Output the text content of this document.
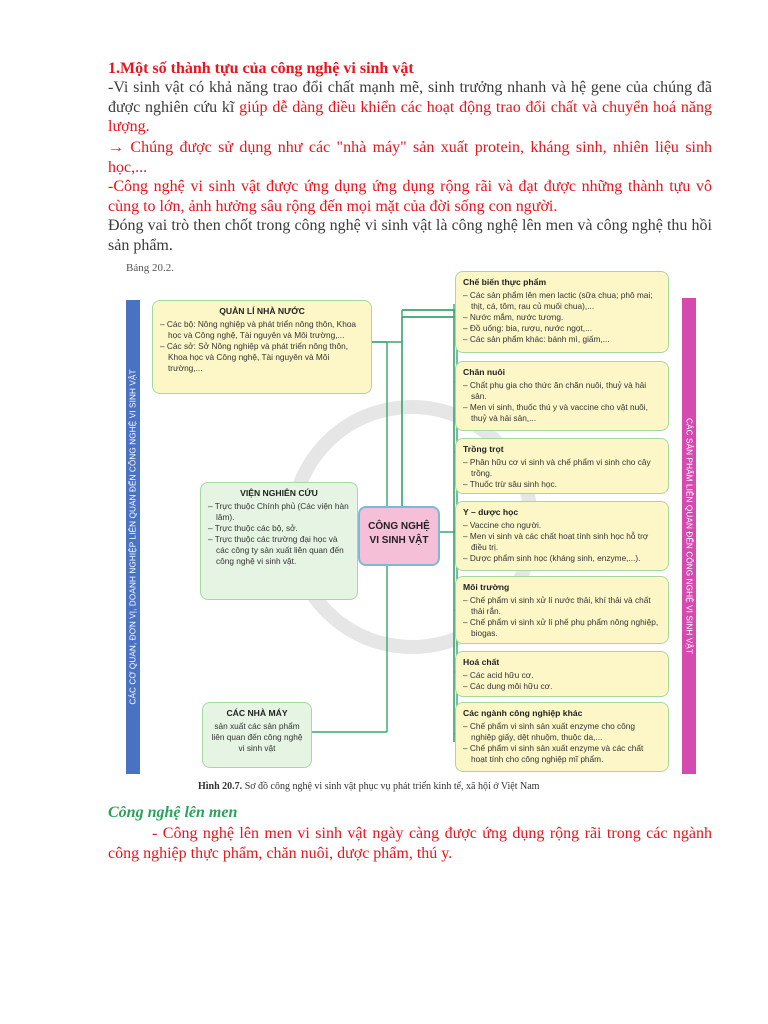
1.Một số thành tựu của công nghệ vi sinh vật
-Vi sinh vật có khả năng trao đổi chất mạnh mẽ, sinh trưởng nhanh và hệ gene của chúng đã được nghiên cứu kĩ giúp dễ dàng điều khiển các hoạt động trao đổi chất và chuyển hoá năng lượng.
→ Chúng được sử dụng như các "nhà máy" sản xuất protein, kháng sinh, nhiên liệu sinh học,...
-Công nghệ vi sinh vật được ứng dụng ứng dụng rộng rãi và đạt được những thành tựu vô cùng to lớn, ảnh hưởng sâu rộng đến mọi mặt của đời sống con người.
Đóng vai trò then chốt trong công nghệ vi sinh vật là công nghệ lên men và công nghệ thu hồi sản phẩm.
Bảng 20.2.
CÁC CƠ QUAN, ĐƠN VỊ, DOANH NGHIỆP LIÊN QUAN ĐẾN CÔNG NGHỆ VI SINH VẬT	CÁC SẢN PHẨM LIÊN QUAN ĐẾN CÔNG NGHỆ VI SINH VẬT
QUẢN LÍ NHÀ NƯỚC
– Các bộ: Nông nghiệp và phát triển nông thôn, Khoa học và Công nghệ, Tài nguyên và Môi trường,...
– Các sở: Sở Nông nghiệp và phát triển nông thôn, Khoa học và Công nghệ, Tài nguyên và Môi trường,...
VIỆN NGHIÊN CỨU
– Trực thuộc Chính phủ (Các viện hàn lâm).
– Trực thuộc các bộ, sở.
– Trực thuộc các trường đại học và các công ty sản xuất liên quan đến công nghệ vi sinh vật.
CÁC NHÀ MÁY
sản xuất các sản phẩm liên quan đến công nghệ vi sinh vật
CÔNG NGHỆ VI SINH VẬT
Chế biến thực phẩm
– Các sản phẩm lên men lactic (sữa chua; phô mai; thịt, cá, tôm, rau củ muối chua),...
– Nước mắm, nước tương.
– Đồ uống: bia, rượu, nước ngọt,...
– Các sản phẩm khác: bánh mì, giấm,...
Chăn nuôi
– Chất phụ gia cho thức ăn chăn nuôi, thuỷ và hải sản.
– Men vi sinh, thuốc thú y và vaccine cho vật nuôi, thuỷ và hải sản,...
Trồng trọt
– Phân hữu cơ vi sinh và chế phẩm vi sinh cho cây trồng.
– Thuốc trừ sâu sinh học.
Y – dược học
– Vaccine cho người.
– Men vi sinh và các chất hoạt tính sinh học hỗ trợ điều trị.
– Dược phẩm sinh học (kháng sinh, enzyme,...).
Môi trường
– Chế phẩm vi sinh xử lí nước thải, khí thải và chất thải rắn.
– Chế phẩm vi sinh xử lí phế phụ phẩm nông nghiệp, biogas.
Hoá chất
– Các acid hữu cơ.
– Các dung môi hữu cơ.
Các ngành công nghiệp khác
– Chế phẩm vi sinh sản xuất enzyme cho công nghiệp giấy, dệt nhuộm, thuộc da,...
– Chế phẩm vi sinh sản xuất enzyme và các chất hoạt tính cho công nghiệp mĩ phẩm.
Hình 20.7. Sơ đồ công nghệ vi sinh vật phục vụ phát triển kinh tế, xã hội ở Việt Nam
Công nghệ lên men
- Công nghệ lên men vi sinh vật ngày càng được ứng dụng rộng rãi trong các ngành công nghiệp thực phẩm, chăn nuôi, dược phẩm, thú y.
